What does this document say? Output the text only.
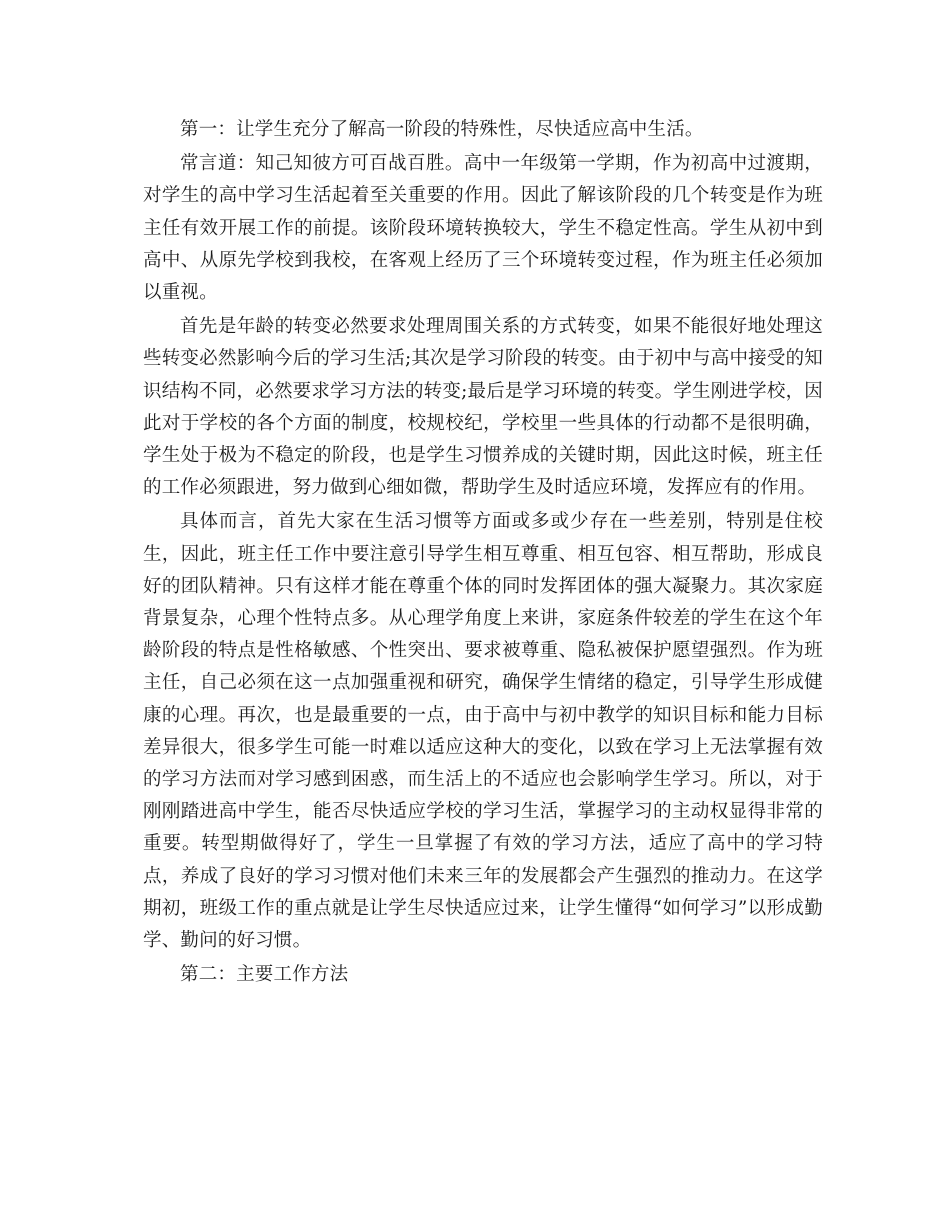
第一：让学生充分了解高一阶段的特殊性，尽快适应高中生活。

常言道：知己知彼方可百战百胜。高中一年级第一学期，作为初高中过渡期，对学生的高中学习生活起着至关重要的作用。因此了解该阶段的几个转变是作为班主任有效开展工作的前提。该阶段环境转换较大，学生不稳定性高。学生从初中到高中、从原先学校到我校，在客观上经历了三个环境转变过程，作为班主任必须加以重视。

首先是年龄的转变必然要求处理周围关系的方式转变，如果不能很好地处理这些转变必然影响今后的学习生活;其次是学习阶段的转变。由于初中与高中接受的知识结构不同，必然要求学习方法的转变;最后是学习环境的转变。学生刚进学校，因此对于学校的各个方面的制度，校规校纪，学校里一些具体的行动都不是很明确，学生处于极为不稳定的阶段，也是学生习惯养成的关键时期，因此这时候，班主任的工作必须跟进，努力做到心细如微，帮助学生及时适应环境，发挥应有的作用。

具体而言，首先大家在生活习惯等方面或多或少存在一些差别，特别是住校生，因此，班主任工作中要注意引导学生相互尊重、相互包容、相互帮助，形成良好的团队精神。只有这样才能在尊重个体的同时发挥团体的强大凝聚力。其次家庭背景复杂，心理个性特点多。从心理学角度上来讲，家庭条件较差的学生在这个年龄阶段的特点是性格敏感、个性突出、要求被尊重、隐私被保护愿望强烈。作为班主任，自己必须在这一点加强重视和研究，确保学生情绪的稳定，引导学生形成健康的心理。再次，也是最重要的一点，由于高中与初中教学的知识目标和能力目标差异很大，很多学生可能一时难以适应这种大的变化，以致在学习上无法掌握有效的学习方法而对学习感到困惑，而生活上的不适应也会影响学生学习。所以，对于刚刚踏进高中学生，能否尽快适应学校的学习生活，掌握学习的主动权显得非常的重要。转型期做得好了，学生一旦掌握了有效的学习方法，适应了高中的学习特点，养成了良好的学习习惯对他们未来三年的发展都会产生强烈的推动力。在这学期初，班级工作的重点就是让学生尽快适应过来，让学生懂得“如何学习”以形成勤学、勤问的好习惯。

第二：主要工作方法
